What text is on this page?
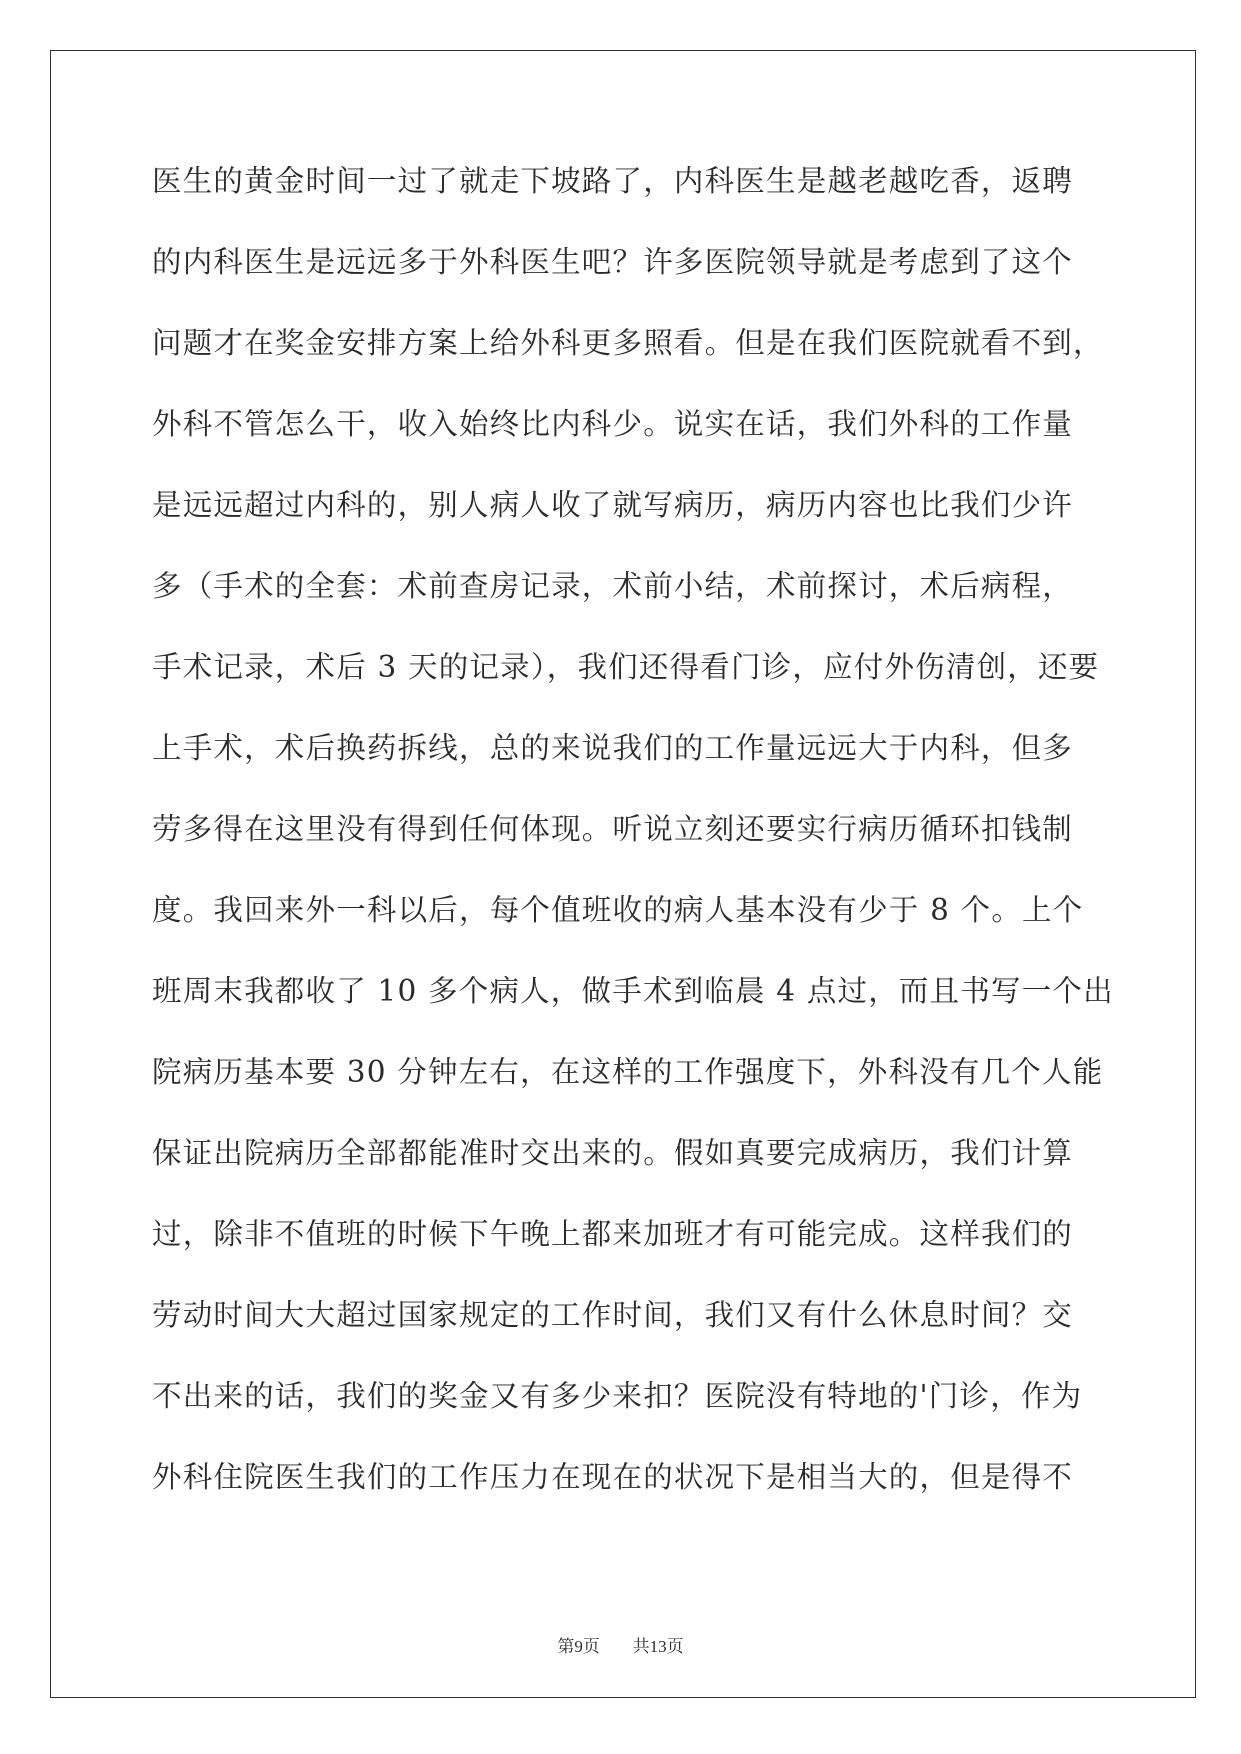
医生的黄金时间一过了就走下坡路了，内科医生是越老越吃香，返聘
的内科医生是远远多于外科医生吧？许多医院领导就是考虑到了这个
问题才在奖金安排方案上给外科更多照看。但是在我们医院就看不到，
外科不管怎么干，收入始终比内科少。说实在话，我们外科的工作量
是远远超过内科的，别人病人收了就写病历，病历内容也比我们少许
多（手术的全套：术前查房记录，术前小结，术前探讨，术后病程，
手术记录，术后 3 天的记录），我们还得看门诊，应付外伤清创，还要
上手术，术后换药拆线，总的来说我们的工作量远远大于内科，但多
劳多得在这里没有得到任何体现。听说立刻还要实行病历循环扣钱制
度。我回来外一科以后，每个值班收的病人基本没有少于 8 个。上个
班周末我都收了 10 多个病人，做手术到临晨 4 点过，而且书写一个出
院病历基本要 30 分钟左右，在这样的工作强度下，外科没有几个人能
保证出院病历全部都能准时交出来的。假如真要完成病历，我们计算
过，除非不值班的时候下午晚上都来加班才有可能完成。这样我们的
劳动时间大大超过国家规定的工作时间，我们又有什么休息时间？交
不出来的话，我们的奖金又有多少来扣？医院没有特地的'门诊，作为
外科住院医生我们的工作压力在现在的状况下是相当大的，但是得不
第9页 共13页
